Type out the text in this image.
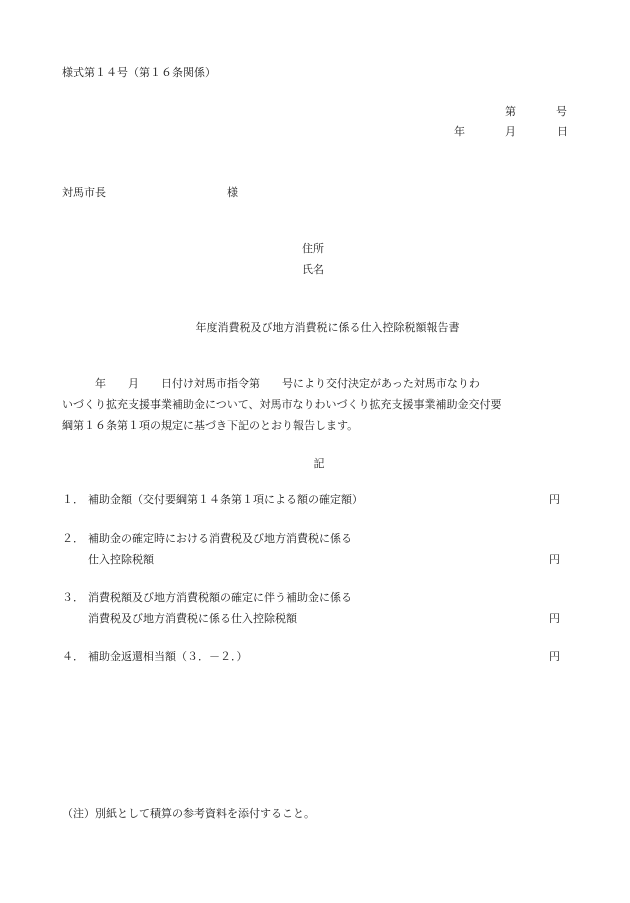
様式第１４号（第１６条関係）
第	号
年	月	日
対馬市長	様
住所
氏名
年度消費税及び地方消費税に係る仕入控除税額報告書
　　　年　　月　　日付け対馬市指令第　　号により交付決定があった対馬市なりわ
いづくり拡充支援事業補助金について、対馬市なりわいづくり拡充支援事業補助金交付要
綱第１６条第１項の規定に基づき下記のとおり報告します。
記
１． 補助金額（交付要綱第１４条第１項による額の確定額）	円
２． 補助金の確定時における消費税及び地方消費税に係る
仕入控除税額	円
３． 消費税額及び地方消費税額の確定に伴う補助金に係る
消費税及び地方消費税に係る仕入控除税額	円
４． 補助金返還相当額（３．－２．）	円
（注）別紙として積算の参考資料を添付すること。
